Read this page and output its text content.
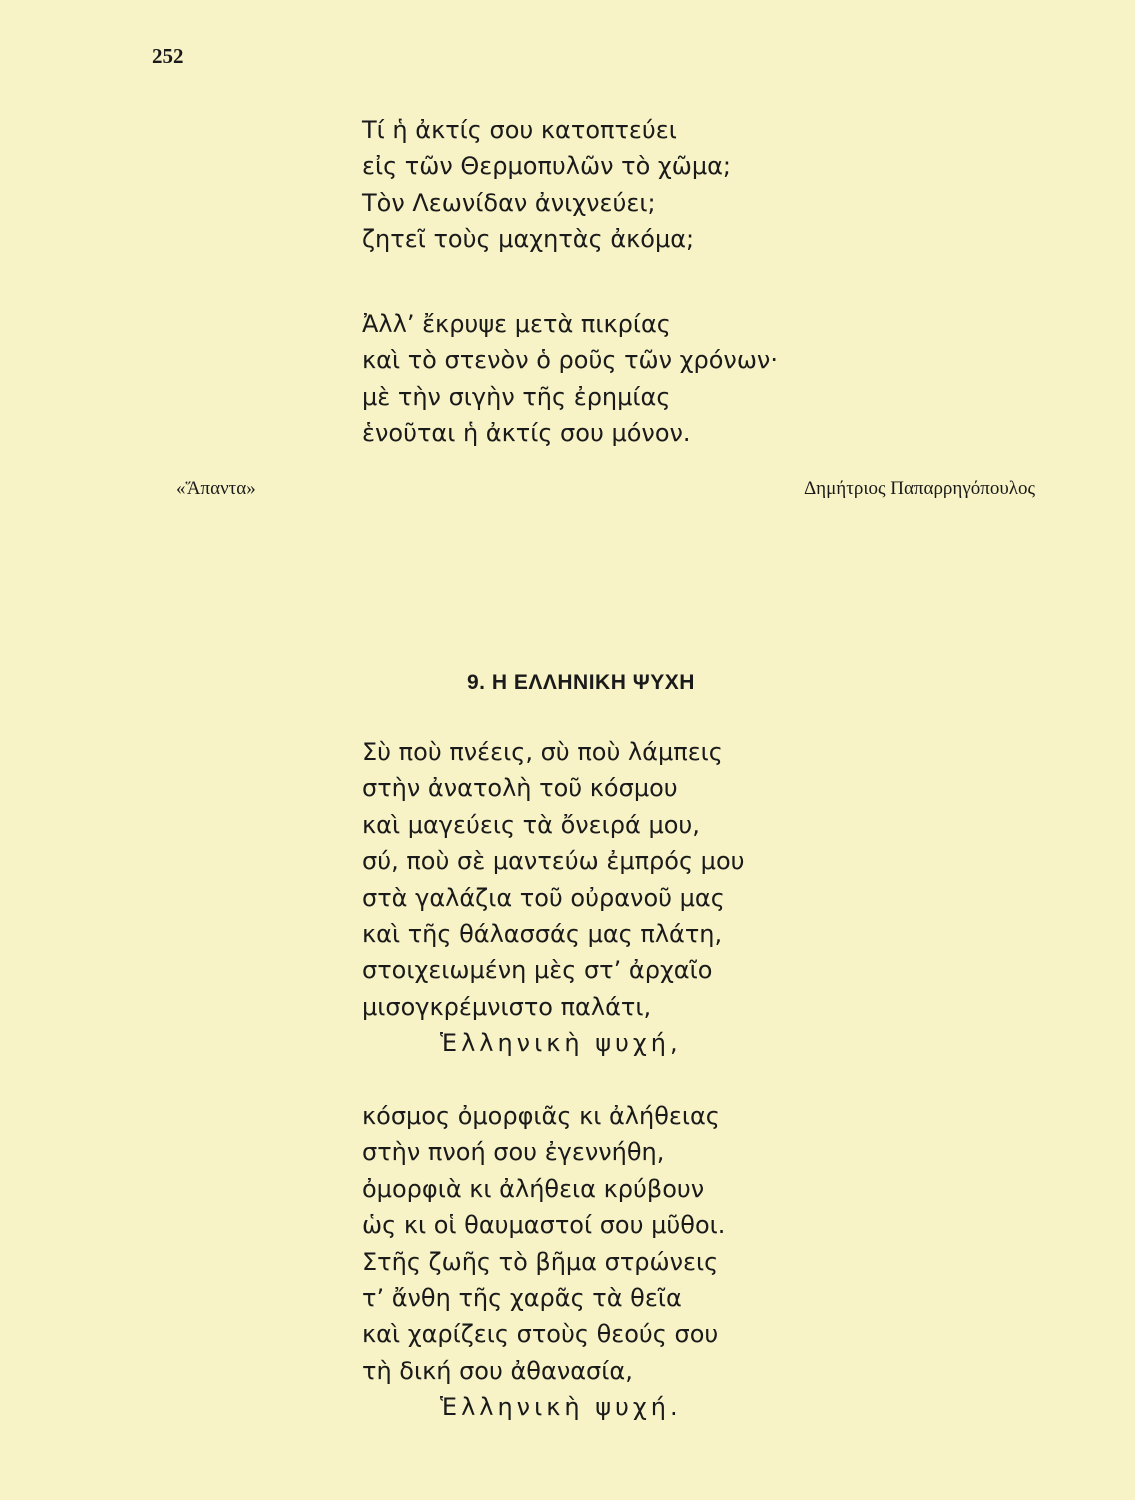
252
Τί ἡ ἀκτίς σου κατοπτεύει
εἰς τῶν Θερμοπυλῶν τὸ χῶμα;
Τὸν Λεωνίδαν ἀνιχνεύει;
ζητεῖ τοὺς μαχητὰς ἀκόμα;
Ἀλλ’ ἔκρυψε μετὰ πικρίας
καὶ τὸ στενὸν ὁ ροῦς τῶν χρόνων·
μὲ τὴν σιγὴν τῆς ἐρημίας
ἑνοῦται ἡ ἀκτίς σου μόνον.
«Ἅπαντα»	Δημήτριος Παπαρρηγόπουλος
9. Η ΕΛΛΗΝΙΚΗ ΨΥΧΗ
Σὺ ποὺ πνέεις, σὺ ποὺ λάμπεις
στὴν ἀνατολὴ τοῦ κόσμου
καὶ μαγεύεις τὰ ὄνειρά μου,
σύ, ποὺ σὲ μαντεύω ἐμπρός μου
στὰ γαλάζια τοῦ οὐρανοῦ μας
καὶ τῆς θάλασσάς μας πλάτη,
στοιχειωμένη μὲς στ’ ἀρχαῖο
μισογκρέμνιστο παλάτι,
Ἑλληνικὴ ψυχή,
κόσμος ὀμορφιᾶς κι ἀλήθειας
στὴν πνοή σου ἐγεννήθη,
ὀμορφιὰ κι ἀλήθεια κρύβουν
ὡς κι οἱ θαυμαστοί σου μῦθοι.
Στῆς ζωῆς τὸ βῆμα στρώνεις
τ’ ἄνθη τῆς χαρᾶς τὰ θεῖα
καὶ χαρίζεις στοὺς θεούς σου
τὴ δική σου ἀθανασία,
Ἑλληνικὴ ψυχή.
